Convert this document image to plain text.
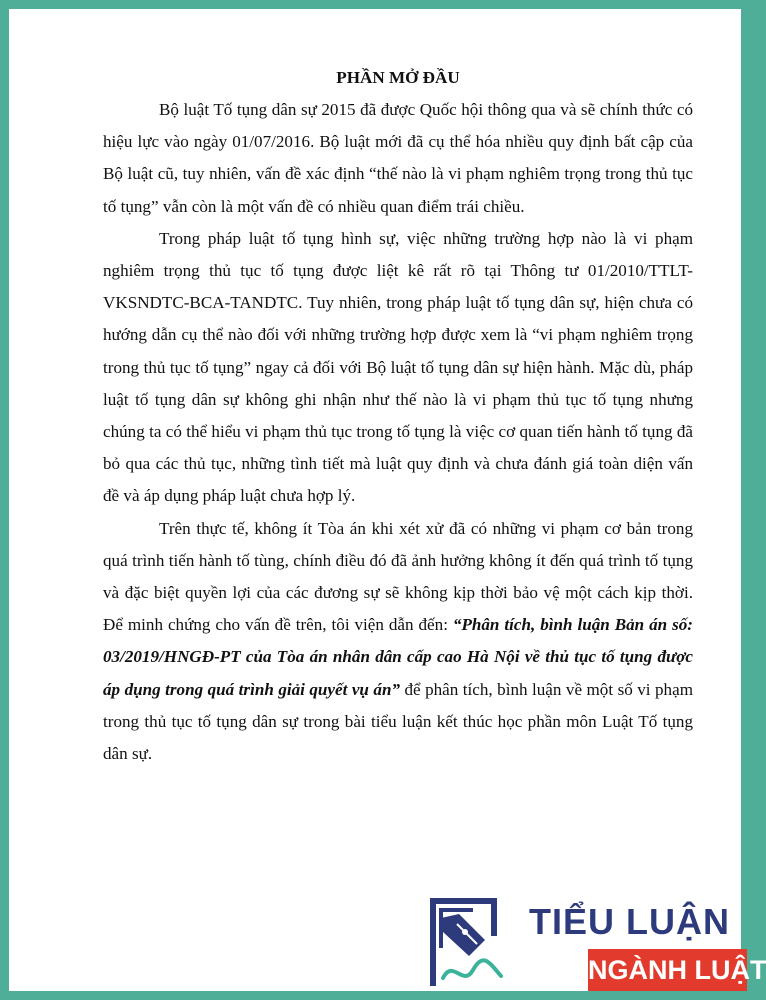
PHẦN MỞ ĐẦU

Bộ luật Tố tụng dân sự 2015 đã được Quốc hội thông qua và sẽ chính thức có hiệu lực vào ngày 01/07/2016. Bộ luật mới đã cụ thể hóa nhiều quy định bất cập của Bộ luật cũ, tuy nhiên, vấn đề xác định “thế nào là vi phạm nghiêm trọng trong thủ tục tố tụng” vẫn còn là một vấn đề có nhiều quan điểm trái chiều.

Trong pháp luật tố tụng hình sự, việc những trường hợp nào là vi phạm nghiêm trọng thủ tục tố tụng được liệt kê rất rõ tại Thông tư 01/2010/TTLT-VKSNDTC-BCA-TANDTC. Tuy nhiên, trong pháp luật tố tụng dân sự, hiện chưa có hướng dẫn cụ thể nào đối với những trường hợp được xem là “vi phạm nghiêm trọng trong thủ tục tố tụng” ngay cả đối với Bộ luật tố tụng dân sự hiện hành. Mặc dù, pháp luật tố tụng dân sự không ghi nhận như thế nào là vi phạm thủ tục tố tụng nhưng chúng ta có thể hiểu vi phạm thủ tục trong tố tụng là việc cơ quan tiến hành tố tụng đã bỏ qua các thủ tục, những tình tiết mà luật quy định và chưa đánh giá toàn diện vấn đề và áp dụng pháp luật chưa hợp lý.

Trên thực tế, không ít Tòa án khi xét xử đã có những vi phạm cơ bản trong quá trình tiến hành tố tùng, chính điều đó đã ảnh hưởng không ít đến quá trình tố tụng và đặc biệt quyền lợi của các đương sự sẽ không kịp thời bảo vệ một cách kịp thời. Để minh chứng cho vấn đề trên, tôi viện dẫn đến: “Phân tích, bình luận Bản án số: 03/2019/HNGĐ-PT của Tòa án nhân dân cấp cao Hà Nội về thủ tục tố tụng được áp dụng trong quá trình giải quyết vụ án” để phân tích, bình luận về một số vi phạm trong thủ tục tố tụng dân sự trong bài tiểu luận kết thúc học phần môn Luật Tố tụng dân sự.

TIỂU LUẬN
NGÀNH LUẬT
